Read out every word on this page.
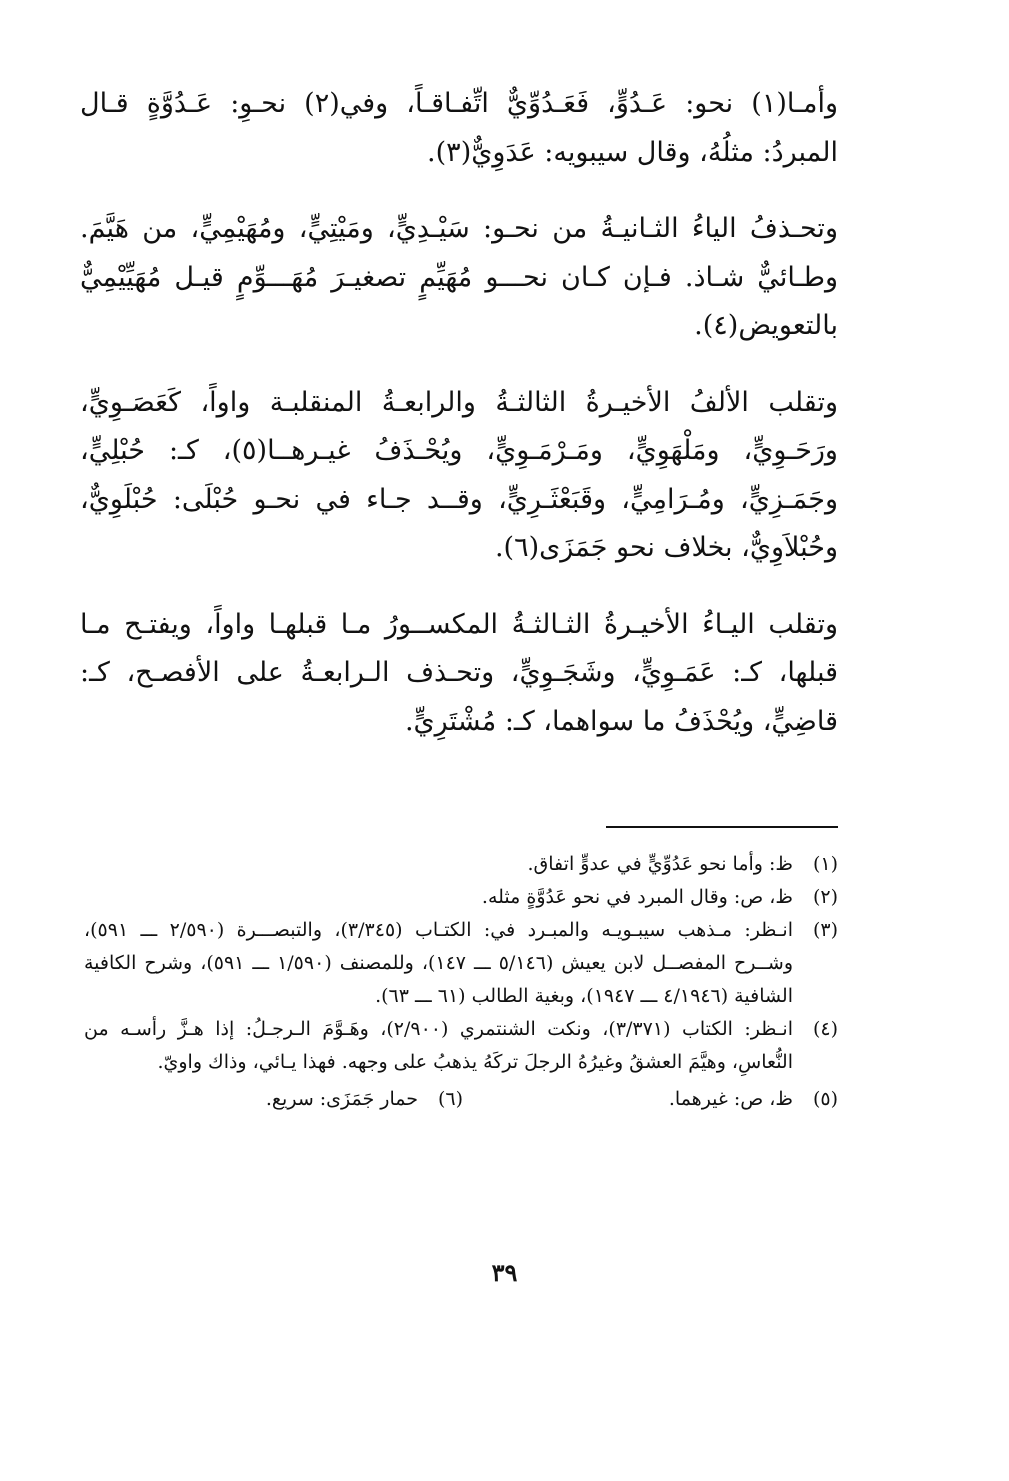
وأمـا(١) نحو: عَـدُوٍّ، فَعَـدُوِّيٌّ اتِّفـاقـاً، وفي(٢) نحـوِ: عَـدُوَّةٍ قـال المبردُ: مثلُهُ، وقال سيبويه: عَدَوِيٌّ(٣).

وتحـذفُ الياءُ الثـانيـةُ من نحـو: سَيْـدِيٍّ، ومَيْتِيٍّ، ومُهَيْمِيٍّ، من هَيَّمَ. وطـائيٌّ شـاذ. فـإن كـان نحـــو مُهَيِّمٍ تصغيـرَ مُهَـــوِّمٍ قيـل مُهَيِّيْمِيٌّ بالتعويض(٤).

وتقلب الألفُ الأخيـرةُ الثالثـةُ والرابعـةُ المنقلبـة واواً، كَعَصَـوِيٍّ، ورَحَـوِيٍّ، ومَلْهَوِيٍّ، ومَـرْمَـوِيٍّ، ويُحْـذَفُ غيـرهــا(٥)، كـ: حُبْلِيٍّ، وجَمَـزِيٍّ، ومُـرَامِيٍّ، وقَبَعْثَـرِيٍّ، وقــد جـاء في نحـو حُبْلَى: حُبْلَوِيٌّ، وحُبْلاَوِيٌّ، بخلاف نحو جَمَزَى(٦).

وتقلب اليـاءُ الأخيـرةُ الثـالثـةُ المكســورُ مـا قبلهـا واواً، ويفتـح مـا قبلها، كـ: عَمَـوِيٍّ، وشَجَـوِيٍّ، وتحـذف الـرابعـةُ على الأفصـح، كـ: قاضِيٍّ، ويُحْذَفُ ما سواهما، كـ: مُشْتَرِيٍّ.

(١)
ظ: وأما نحو عَدُوِّيٍّ في عدوٍّ اتفاق.
(٢)
ظ، ص: وقال المبرد في نحو عَدُوَّةٍ مثله.
(٣)
انـظر: مـذهب سيبـويـه والمبـرد في: الكتـاب (٣/٣٤٥)، والتبصـــرة (٢/٥٩٠ ـــ ٥٩١)، وشــرح المفصــل لابن يعيش (٥/١٤٦ ـــ ١٤٧)، وللمصنف (١/٥٩٠ ـــ ٥٩١)، وشرح الكافية الشافية (٤/١٩٤٦ ـــ ١٩٤٧)، وبغية الطالب (٦١ ـــ ٦٣).
(٤)
انـظر: الكتاب (٣/٣٧١)، ونكت الشنتمري (٢/٩٠٠)، وهَـوَّمَ الـرجـلُ: إذا هـزَّ رأسـه من النُّعاسِ، وهيَّمَ العشقُ وغيرُهُ الرجلَ تركَهُ يذهبُ على وجهه. فهذا يـائي، وذاك واويّ.
(٥)
ظ، ص: غيرهما.
(٦)
حمار جَمَزَى: سريع.
٣٩
